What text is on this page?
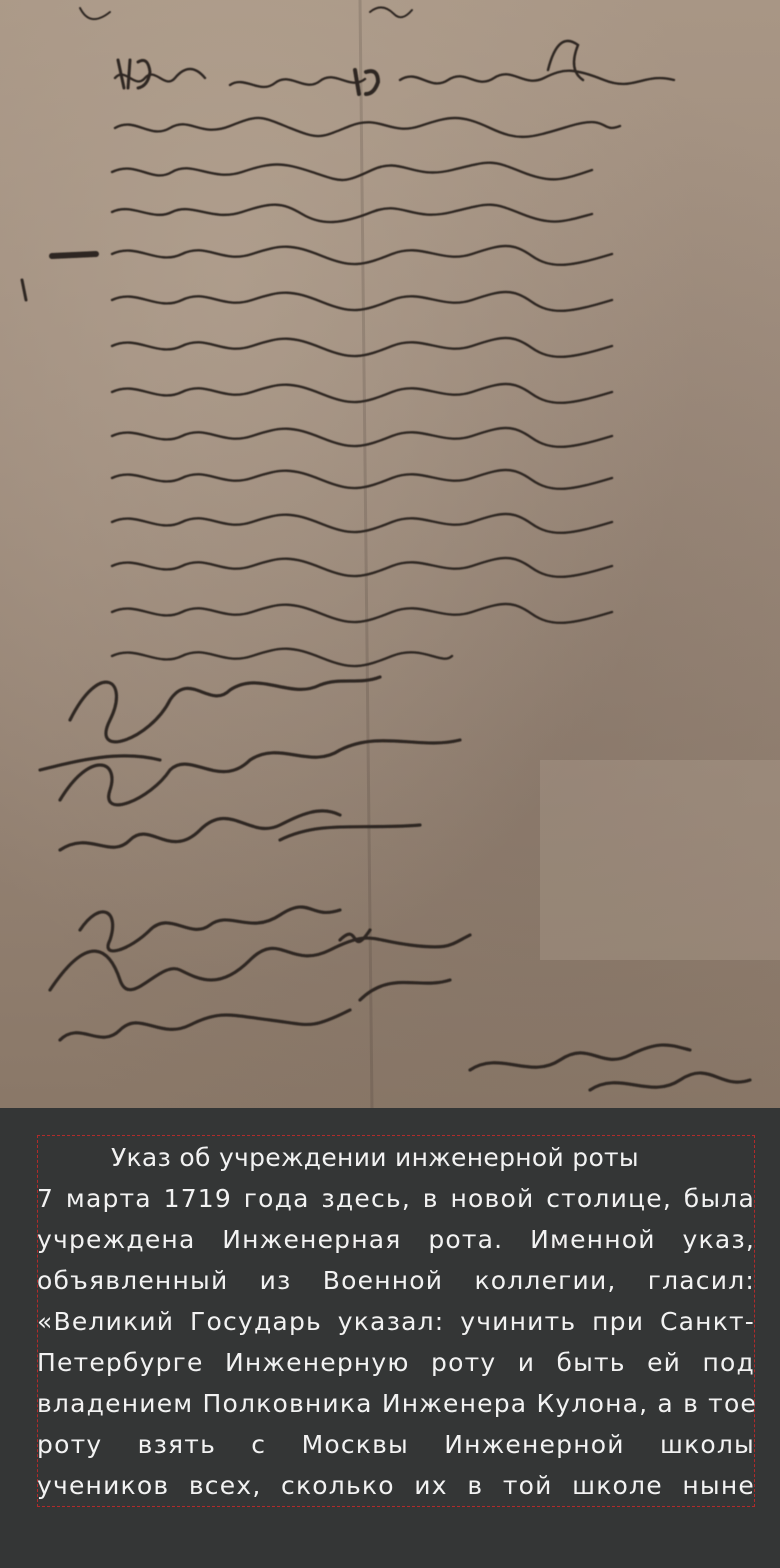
Указ об учреждении инженерной роты
7 марта 1719 года здесь, в новой столице, была
учреждена Инженерная рота. Именной указ,
объявленный из Военной коллегии, гласил:
«Великий Государь указал: учинить при Санкт-
Петербурге Инженерную роту и быть ей под
владением Полковника Инженера Кулона, а в тое
роту взять с Москвы Инженерной школы
учеников всех, сколько их в той школе ныне
